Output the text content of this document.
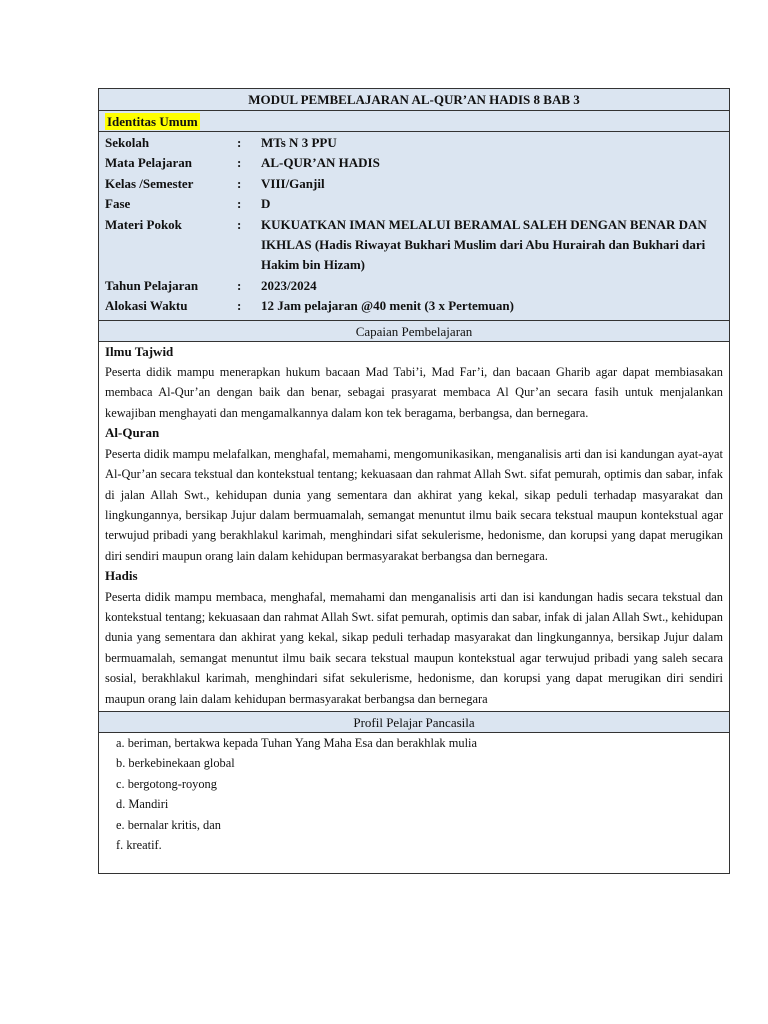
MODUL PEMBELAJARAN AL-QUR’AN HADIS 8 BAB 3
Identitas Umum
Sekolah	:	MTs N 3 PPU
Mata Pelajaran	:	AL-QUR’AN HADIS
Kelas /Semester	:	VIII/Ganjil
Fase	:	D
Materi Pokok	:	KUKUATKAN IMAN MELALUI BERAMAL SALEH DENGAN BENAR DAN IKHLAS (Hadis Riwayat Bukhari Muslim dari Abu Hurairah dan Bukhari dari Hakim bin Hizam)
Tahun Pelajaran	:	2023/2024
Alokasi Waktu	:	12 Jam pelajaran @40 menit (3 x Pertemuan)
Capaian Pembelajaran
Ilmu Tajwid

Peserta didik mampu menerapkan hukum bacaan Mad Tabi’i, Mad Far’i, dan bacaan Gharib agar dapat membiasakan membaca Al-Qur’an dengan baik dan benar, sebagai prasyarat membaca Al Qur’an secara fasih untuk menjalankan kewajiban menghayati dan mengamalkannya dalam kon tek beragama, berbangsa, dan bernegara.

Al-Quran

Peserta didik mampu melafalkan, menghafal, memahami, mengomunikasikan, menganalisis arti dan isi kandungan ayat-ayat Al-Qur’an secara tekstual dan kontekstual tentang; kekuasaan dan rahmat Allah Swt. sifat pemurah, optimis dan sabar, infak di jalan Allah Swt., kehidupan dunia yang sementara dan akhirat yang kekal, sikap peduli terhadap masyarakat dan lingkungannya, bersikap Jujur dalam bermuamalah, semangat menuntut ilmu baik secara tekstual maupun kontekstual agar terwujud pribadi yang berakhlakul karimah, menghindari sifat sekulerisme, hedonisme, dan korupsi yang dapat merugikan diri sendiri maupun orang lain dalam kehidupan bermasyarakat berbangsa dan bernegara.

Hadis

Peserta didik mampu membaca, menghafal, memahami dan menganalisis arti dan isi kandungan hadis secara tekstual dan kontekstual tentang; kekuasaan dan rahmat Allah Swt. sifat pemurah, optimis dan sabar, infak di jalan Allah Swt., kehidupan dunia yang sementara dan akhirat yang kekal, sikap peduli terhadap masyarakat dan lingkungannya, bersikap Jujur dalam bermuamalah, semangat menuntut ilmu baik secara tekstual maupun kontekstual agar terwujud pribadi yang saleh secara sosial, berakhlakul karimah, menghindari sifat sekulerisme, hedonisme, dan korupsi yang dapat merugikan diri sendiri maupun orang lain dalam kehidupan bermasyarakat berbangsa dan bernegara

Profil Pelajar Pancasila
a. beriman, bertakwa kepada Tuhan Yang Maha Esa dan berakhlak mulia
b. berkebinekaan global
c. bergotong-royong
d. Mandiri
e. bernalar kritis, dan
f. kreatif.
